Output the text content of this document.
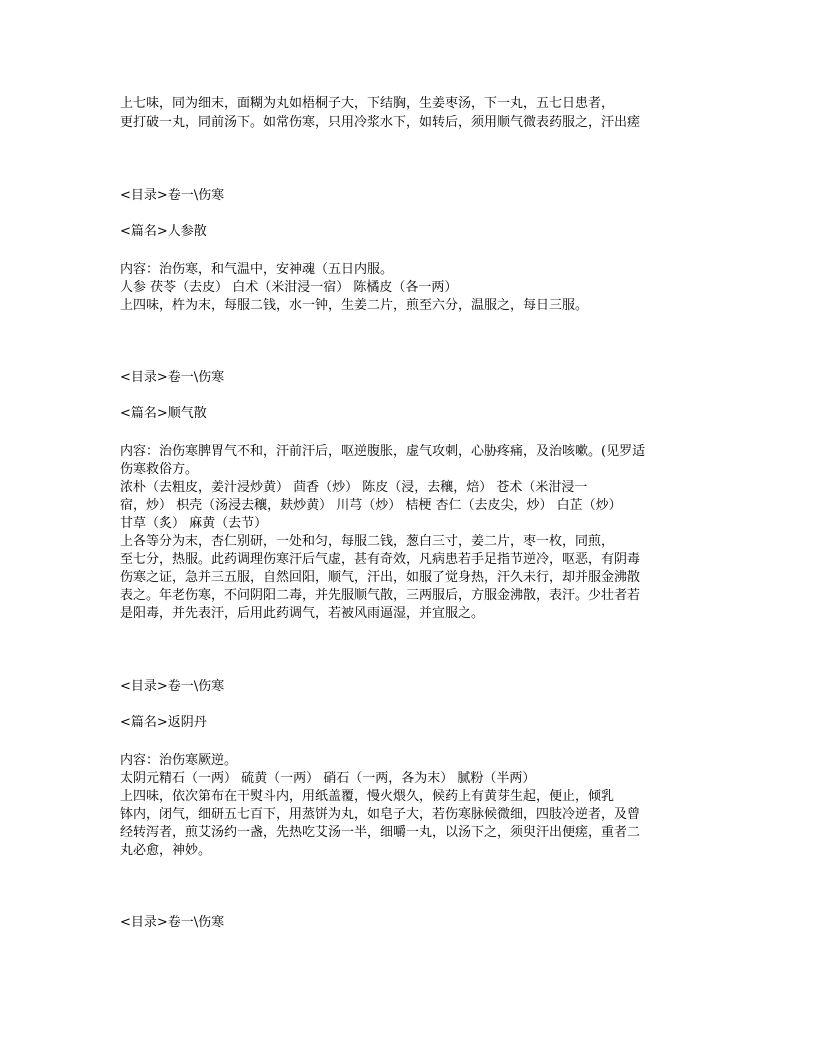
上七味，同为细末，面糊为丸如梧桐子大，下结胸，生姜枣汤，下一丸，五七日患者，

更打破一丸，同前汤下。如常伤寒，只用冷浆水下，如转后，须用顺气微表药服之，汗出瘥

<目录>卷一\伤寒

<篇名>人参散

内容：治伤寒，和气温中，安神魂（五日内服。

人参 茯苓（去皮） 白术（米泔浸一宿） 陈橘皮（各一两）

上四味，杵为末，每服二钱，水一钟，生姜二片，煎至六分，温服之，每日三服。

<目录>卷一\伤寒

<篇名>顺气散

内容：治伤寒脾胃气不和，汗前汗后，呕逆腹胀，虚气攻刺，心胁疼痛，及治咳嗽。(见罗适

伤寒救俗方。

浓朴（去粗皮，姜汁浸炒黄） 茴香（炒） 陈皮（浸，去穰，焙） 苍术（米泔浸一

宿，炒） 枳壳（汤浸去穰，麸炒黄） 川芎（炒） 桔梗 杏仁（去皮尖，炒） 白芷（炒）

甘草（炙） 麻黄（去节）

上各等分为末，杏仁别研，一处和匀，每服二钱，葱白三寸，姜二片，枣一枚，同煎，

至七分，热服。此药调理伤寒汗后气虚，甚有奇效，凡病患若手足指节逆冷，呕恶，有阴毒

伤寒之证，急并三五服，自然回阳，顺气，汗出，如服了觉身热，汗久未行，却并服金沸散

表之。年老伤寒，不问阴阳二毒，并先服顺气散，三两服后，方服金沸散，表汗。少壮者若

是阳毒，并先表汗，后用此药调气，若被风雨逼湿，并宜服之。

<目录>卷一\伤寒

<篇名>返阴丹

内容：治伤寒厥逆。

太阴元精石（一两） 硫黄（一两） 硝石（一两，各为末） 腻粉（半两）

上四味，依次第布在干熨斗内，用纸盖覆，慢火煨久，候药上有黄芽生起，便止，倾乳

钵内，闭气，细研五七百下，用蒸饼为丸，如皂子大，若伤寒脉候微细，四肢冷逆者，及曾

经转泻者，煎艾汤约一盏，先热吃艾汤一半，细嚼一丸，以汤下之，须臾汗出便瘥，重者二

丸必愈，神妙。

<目录>卷一\伤寒
